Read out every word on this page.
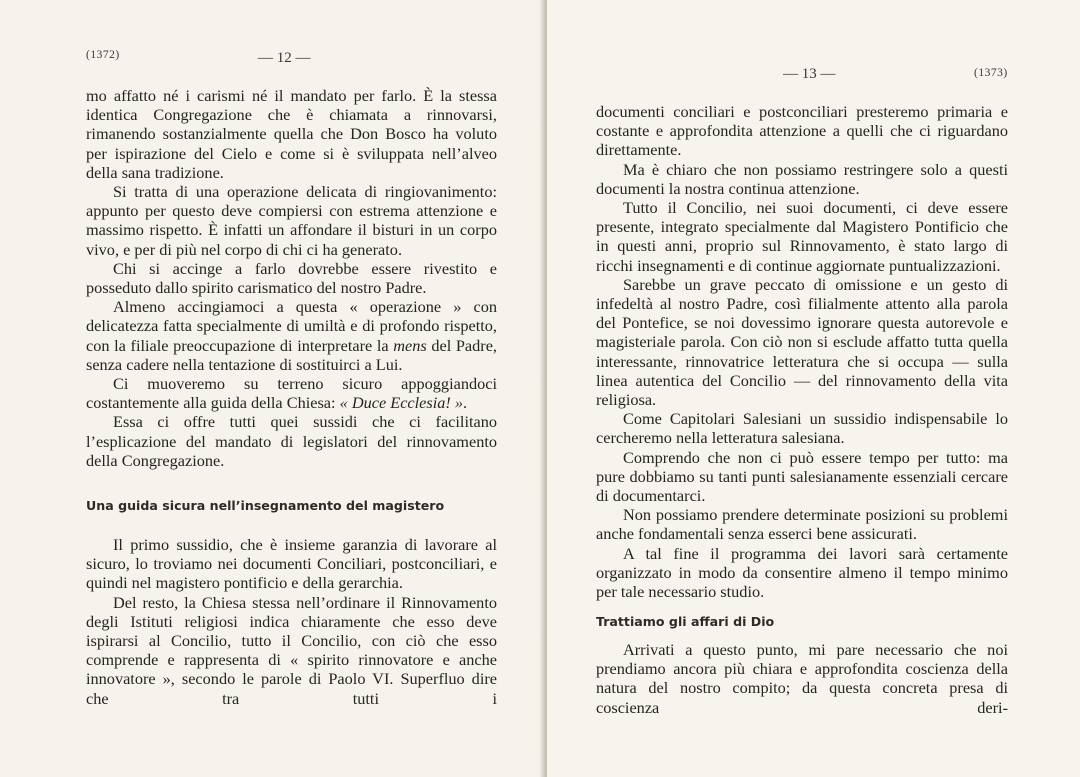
(1372)	— 12 —

mo affatto né i carismi né il mandato per farlo. È la stessa identica Congregazione che è chiamata a rinnovarsi, rimanendo sostanzialmente quella che Don Bosco ha voluto per ispirazione del Cielo e come si è sviluppata nell’alveo della sana tradizione.

Si tratta di una operazione delicata di ringiovanimento: appunto per questo deve compiersi con estrema attenzione e massimo rispetto. È infatti un affondare il bisturi in un corpo vivo, e per di più nel corpo di chi ci ha generato.

Chi si accinge a farlo dovrebbe essere rivestito e posseduto dallo spirito carismatico del nostro Padre.

Almeno accingiamoci a questa « operazione » con delicatezza fatta specialmente di umiltà e di profondo rispetto, con la filiale preoccupazione di interpretare la mens del Padre, senza cadere nella tentazione di sostituirci a Lui.

Ci muoveremo su terreno sicuro appoggiandoci costantemente alla guida della Chiesa: « Duce Ecclesia! ».

Essa ci offre tutti quei sussidi che ci facilitano l’esplicazione del mandato di legislatori del rinnovamento della Congregazione.

Una guida sicura nell’insegnamento del magistero

Il primo sussidio, che è insieme garanzia di lavorare al sicuro, lo troviamo nei documenti Conciliari, postconciliari, e quindi nel magistero pontificio e della gerarchia.

Del resto, la Chiesa stessa nell’ordinare il Rinnovamento degli Istituti religiosi indica chiaramente che esso deve ispirarsi al Concilio, tutto il Concilio, con ciò che esso comprende e rappresenta di « spirito rinnovatore e anche innovatore », secondo le parole di Paolo VI. Superfluo dire che tra tutti i

— 13 —	(1373)

documenti conciliari e postconciliari presteremo primaria e costante e approfondita attenzione a quelli che ci riguardano direttamente.

Ma è chiaro che non possiamo restringere solo a questi documenti la nostra continua attenzione.

Tutto il Concilio, nei suoi documenti, ci deve essere presente, integrato specialmente dal Magistero Pontificio che in questi anni, proprio sul Rinnovamento, è stato largo di ricchi insegnamenti e di continue aggiornate puntualizzazioni.

Sarebbe un grave peccato di omissione e un gesto di infedeltà al nostro Padre, così filialmente attento alla parola del Pontefice, se noi dovessimo ignorare questa autorevole e magisteriale parola. Con ciò non si esclude affatto tutta quella interessante, rinnovatrice letteratura che si occupa — sulla linea autentica del Concilio — del rinnovamento della vita religiosa.

Come Capitolari Salesiani un sussidio indispensabile lo cercheremo nella letteratura salesiana.

Comprendo che non ci può essere tempo per tutto: ma pure dobbiamo su tanti punti salesianamente essenziali cercare di documentarci.

Non possiamo prendere determinate posizioni su problemi anche fondamentali senza esserci bene assicurati.

A tal fine il programma dei lavori sarà certamente organizzato in modo da consentire almeno il tempo minimo per tale necessario studio.

Trattiamo gli affari di Dio

Arrivati a questo punto, mi pare necessario che noi prendiamo ancora più chiara e approfondita coscienza della natura del nostro compito; da questa concreta presa di coscienza deri-
